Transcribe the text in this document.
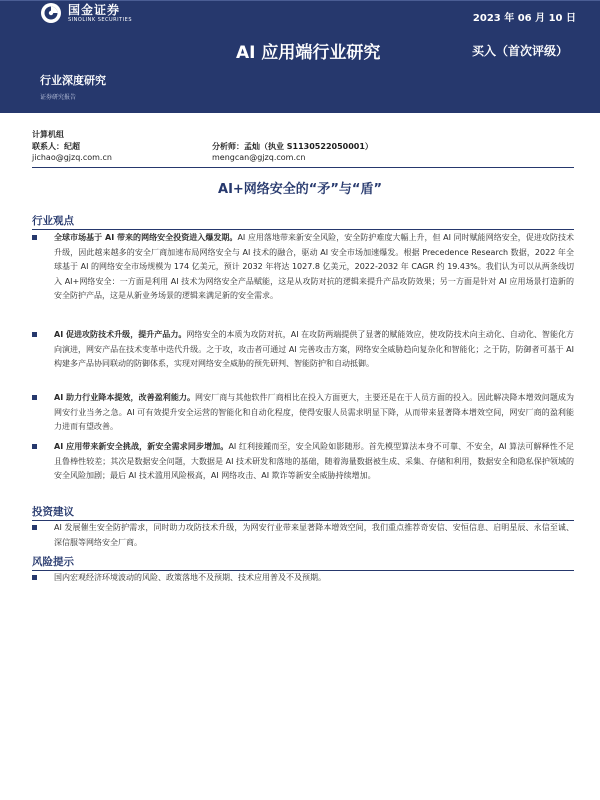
国金证券
SINOLINK SECURITIES	2023 年 06 月 10 日
AI 应用端行业研究	买入（首次评级）
行业深度研究
证券研究报告
计算机组
联系人：纪超	分析师：孟灿（执业 S1130522050001）
jichao@gjzq.com.cn	mengcan@gjzq.com.cn
AI+网络安全的“矛”与“盾”
行业观点
全球市场基于 AI 带来的网络安全投资进入爆发期。AI 应用落地带来新安全风险，安全防护难度大幅上升，但 AI 同时赋能网络安全，促进攻防技术升级，因此越来越多的安全厂商加速布局网络安全与 AI 技术的融合，驱动 AI 安全市场加速爆发。根据 Precedence Research 数据，2022 年全球基于 AI 的网络安全市场规模为 174 亿美元，预计 2032 年将达 1027.8 亿美元，2022-2032 年 CAGR 约 19.43%。我们认为可以从两条线切入 AI+网络安全：一方面是利用 AI 技术为网络安全产品赋能，这是从攻防对抗的逻辑来提升产品攻防效果；另一方面是针对 AI 应用场景打造新的安全防护产品，这是从新业务场景的逻辑来满足新的安全需求。
AI 促进攻防技术升级，提升产品力。网络安全的本质为攻防对抗，AI 在攻防两端提供了显著的赋能效应，使攻防技术向主动化、自动化、智能化方向演进，网安产品在技术变革中迭代升级。之于攻，攻击者可通过 AI 完善攻击方案，网络安全威胁趋向复杂化和智能化；之于防，防御者可基于 AI 构建多产品协同联动的防御体系，实现对网络安全威胁的预先研判、智能防护和自动抵御。
AI 助力行业降本提效，改善盈利能力。网安厂商与其他软件厂商相比在投入方面更大，主要还是在于人员方面的投入。因此解决降本增效问题成为网安行业当务之急。AI 可有效提升安全运营的智能化和自动化程度，使得安服人员需求明显下降，从而带来显著降本增效空间，网安厂商的盈利能力进而有望改善。
AI 应用带来新安全挑战，新安全需求同步增加。AI 红利接踵而至，安全风险如影随形。首先模型算法本身不可靠、不安全，AI 算法可解释性不足且鲁棒性较差；其次是数据安全问题，大数据是 AI 技术研发和落地的基础，随着海量数据被生成、采集、存储和利用，数据安全和隐私保护领域的安全风险加剧；最后 AI 技术滥用风险极高，AI 网络攻击、AI 欺诈等新安全威胁持续增加。
投资建议
AI 发展催生安全防护需求，同时助力攻防技术升级，为网安行业带来显著降本增效空间，我们重点推荐奇安信、安恒信息、启明星辰、永信至诚、深信服等网络安全厂商。
风险提示
国内宏观经济环境波动的风险、政策落地不及预期、技术应用普及不及预期。
